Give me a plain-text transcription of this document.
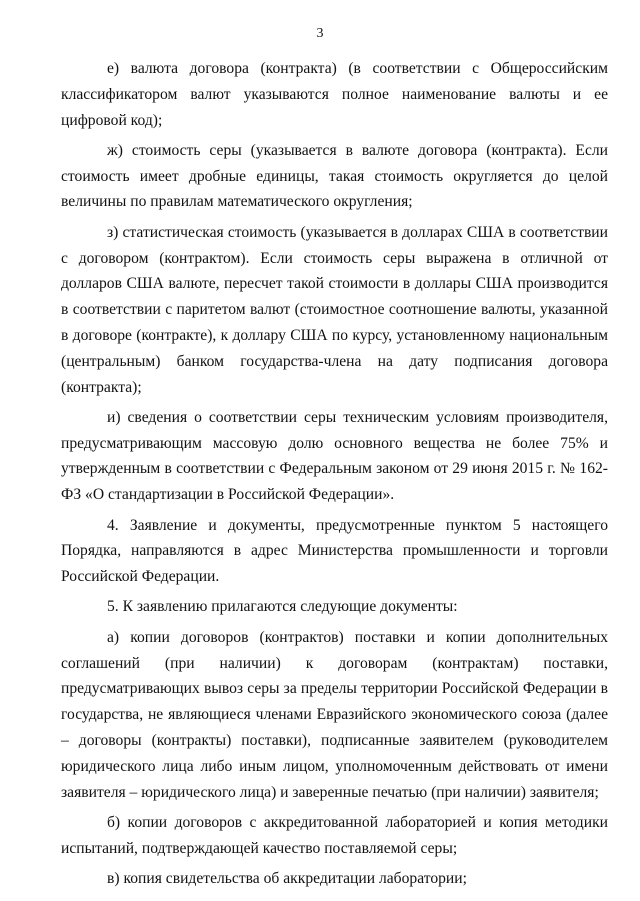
3

е) валюта договора (контракта) (в соответствии с Общероссийским классификатором валют указываются полное наименование валюты и ее цифровой код);

ж) стоимость серы (указывается в валюте договора (контракта). Если стоимость имеет дробные единицы, такая стоимость округляется до целой величины по правилам математического округления;

з) статистическая стоимость (указывается в долларах США в соответствии с договором (контрактом). Если стоимость серы выражена в отличной от долларов США валюте, пересчет такой стоимости в доллары США производится в соответствии с паритетом валют (стоимостное соотношение валюты, указанной в договоре (контракте), к доллару США по курсу, установленному национальным (центральным) банком государства-члена на дату подписания договора (контракта);

и) сведения о соответствии серы техническим условиям производителя, предусматривающим массовую долю основного вещества не более 75% и утвержденным в соответствии с Федеральным законом от 29 июня 2015 г. № 162-ФЗ «О стандартизации в Российской Федерации».

4. Заявление и документы, предусмотренные пунктом 5 настоящего Порядка, направляются в адрес Министерства промышленности и торговли Российской Федерации.

5. К заявлению прилагаются следующие документы:

а) копии договоров (контрактов) поставки и копии дополнительных соглашений (при наличии) к договорам (контрактам) поставки, предусматривающих вывоз серы за пределы территории Российской Федерации в государства, не являющиеся членами Евразийского экономического союза (далее – договоры (контракты) поставки), подписанные заявителем (руководителем юридического лица либо иным лицом, уполномоченным действовать от имени заявителя – юридического лица) и заверенные печатью (при наличии) заявителя;

б) копии договоров с аккредитованной лабораторией и копия методики испытаний, подтверждающей качество поставляемой серы;

в) копия свидетельства об аккредитации лаборатории;
